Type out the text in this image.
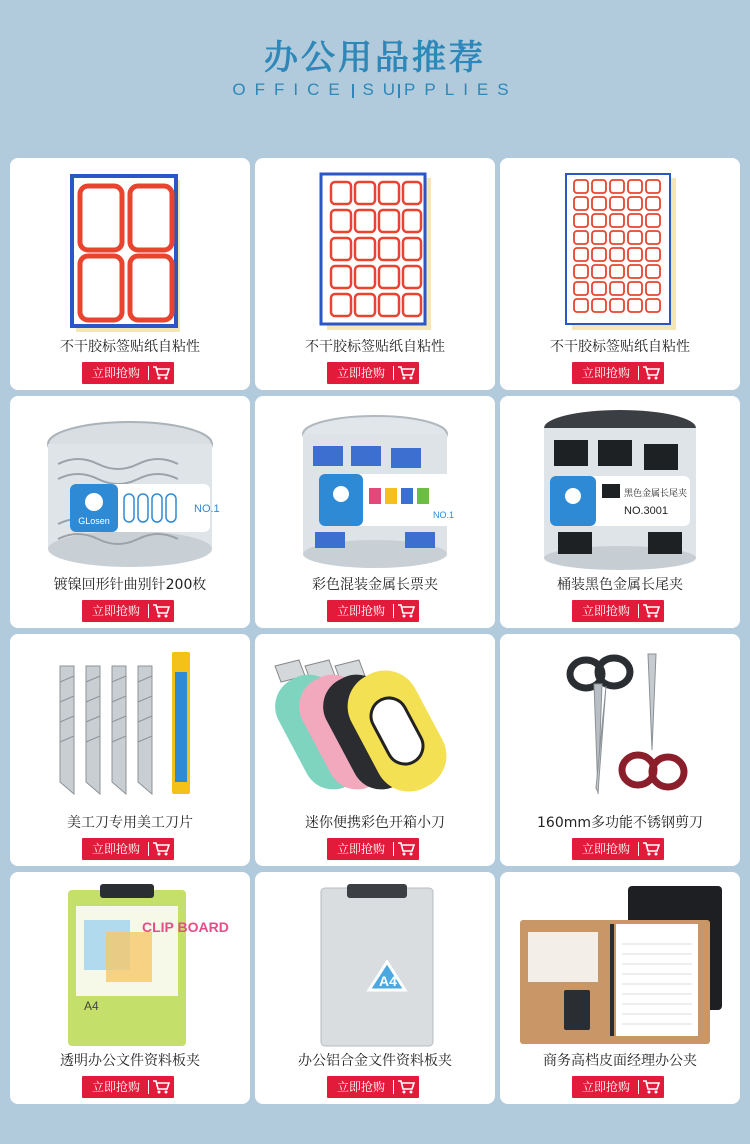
办公用品推荐
OFFICE SUPPLIES
不干胶标签贴纸自粘性
立即抢购
不干胶标签贴纸自粘性
立即抢购
不干胶标签贴纸自粘性
立即抢购
GLosen
NO.1
镀镍回形针曲别针200枚
立即抢购
NO.1
彩色混装金属长票夹
立即抢购
黑色金属长尾夹
NO.3001
桶装黑色金属长尾夹
立即抢购
美工刀专用美工刀片
立即抢购
迷你便携彩色开箱小刀
立即抢购
160mm多功能不锈钢剪刀
立即抢购
CLIP BOARD
A4
透明办公文件资料板夹
立即抢购
A4
办公铝合金文件资料板夹
立即抢购
商务高档皮面经理办公夹
立即抢购
